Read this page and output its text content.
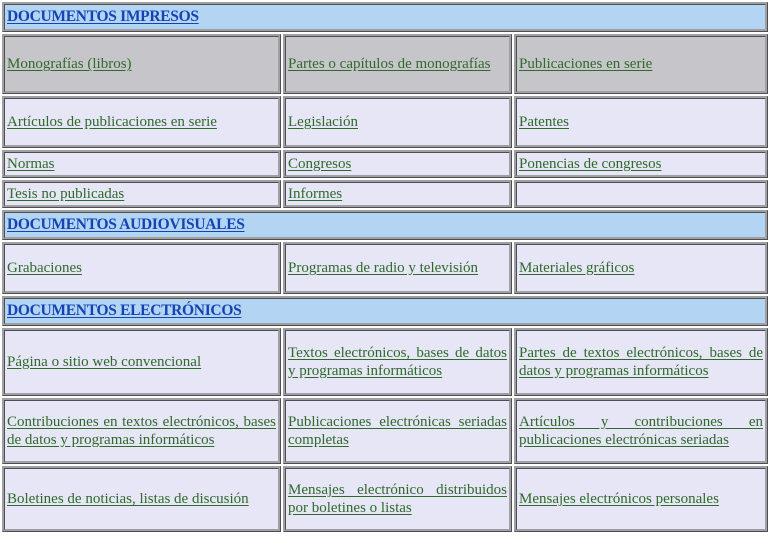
DOCUMENTOS IMPRESOS		
Monografías (libros)	Partes o capítulos de monografías	Publicaciones en serie
Artículos de publicaciones en serie	Legislación	Patentes
Normas	Congresos	Ponencias de congresos
Tesis no publicadas	Informes	
DOCUMENTOS AUDIOVISUALES		
Grabaciones	Programas de radio y televisión	Materiales gráficos
DOCUMENTOS ELECTRÓNICOS		
Página o sitio web convencional	Textos electrónicos, bases de datos y programas informáticos	Partes de textos electrónicos, bases de datos y programas informáticos
Contribuciones en textos electrónicos, bases de datos y programas informáticos	Publicaciones electrónicas seriadas completas	Artículos y contribuciones en publicaciones electrónicas seriadas
Boletines de noticias, listas de discusión	Mensajes electrónico distribuidos por boletines o listas	Mensajes electrónicos personales
